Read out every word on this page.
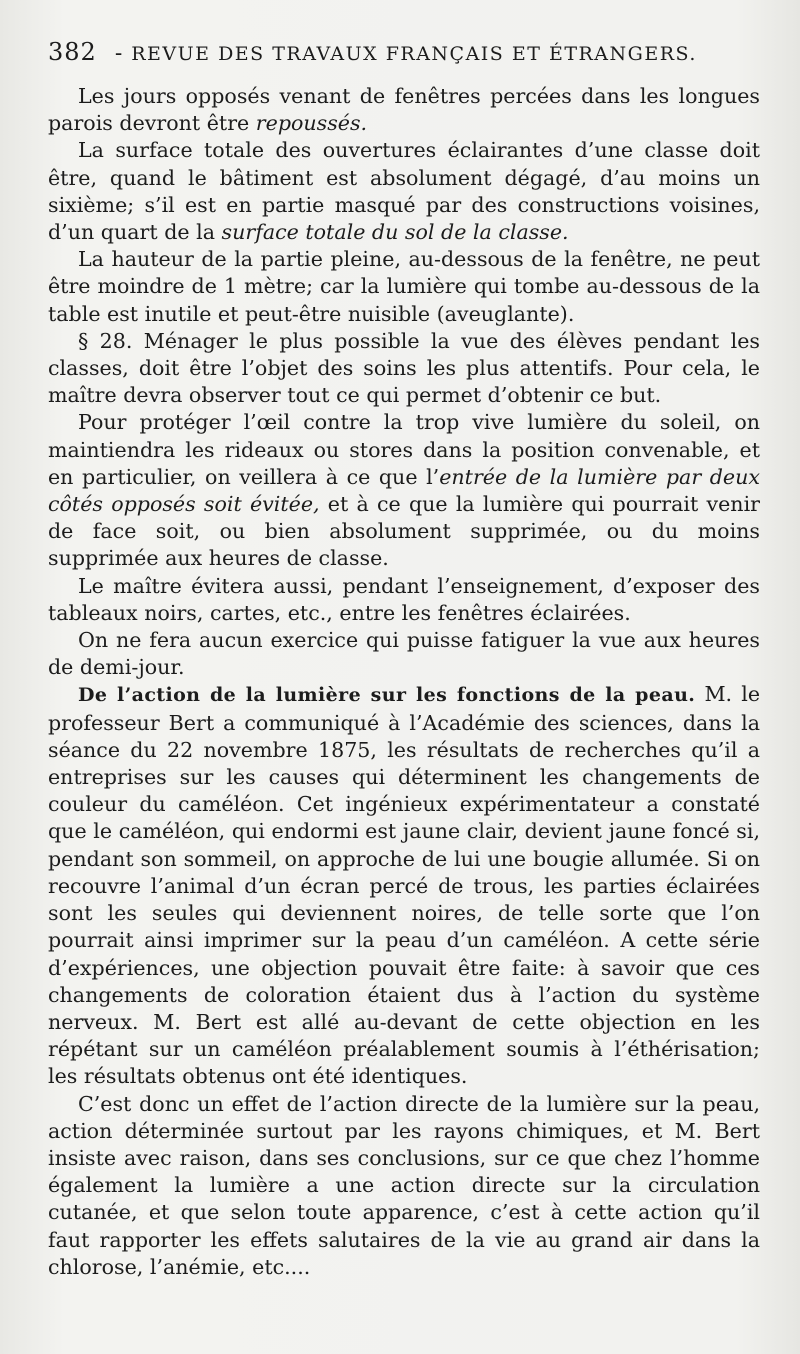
382 - REVUE DES TRAVAUX FRANÇAIS ET ÉTRANGERS.

Les jours opposés venant de fenêtres percées dans les longues parois devront être repoussés.

La surface totale des ouvertures éclairantes d’une classe doit être, quand le bâtiment est absolument dégagé, d’au moins un sixième; s’il est en partie masqué par des constructions voisines, d’un quart de la surface totale du sol de la classe.

La hauteur de la partie pleine, au-dessous de la fenêtre, ne peut être moindre de 1 mètre; car la lumière qui tombe au-dessous de la table est inutile et peut-être nuisible (aveuglante).

§ 28. Ménager le plus possible la vue des élèves pendant les classes, doit être l’objet des soins les plus attentifs. Pour cela, le maître devra observer tout ce qui permet d’obtenir ce but.

Pour protéger l’œil contre la trop vive lumière du soleil, on maintiendra les rideaux ou stores dans la position convenable, et en particulier, on veillera à ce que l’entrée de la lumière par deux côtés opposés soit évitée, et à ce que la lumière qui pourrait venir de face soit, ou bien absolument supprimée, ou du moins supprimée aux heures de classe.

Le maître évitera aussi, pendant l’enseignement, d’exposer des tableaux noirs, cartes, etc., entre les fenêtres éclairées.

On ne fera aucun exercice qui puisse fatiguer la vue aux heures de demi-jour.

De l’action de la lumière sur les fonctions de la peau. M. le professeur Bert a communiqué à l’Académie des sciences, dans la séance du 22 novembre 1875, les résultats de recherches qu’il a entreprises sur les causes qui déterminent les changements de couleur du caméléon. Cet ingénieux expérimentateur a constaté que le caméléon, qui endormi est jaune clair, devient jaune foncé si, pendant son sommeil, on approche de lui une bougie allumée. Si on recouvre l’animal d’un écran percé de trous, les parties éclairées sont les seules qui deviennent noires, de telle sorte que l’on pourrait ainsi imprimer sur la peau d’un caméléon. A cette série d’expériences, une objection pouvait être faite: à savoir que ces changements de coloration étaient dus à l’action du système nerveux. M. Bert est allé au-devant de cette objection en les répétant sur un caméléon préalablement soumis à l’éthérisation; les résultats obtenus ont été identiques.

C’est donc un effet de l’action directe de la lumière sur la peau, action déterminée surtout par les rayons chimiques, et M. Bert insiste avec raison, dans ses conclusions, sur ce que chez l’homme également la lumière a une action directe sur la circulation cutanée, et que selon toute apparence, c’est à cette action qu’il faut rapporter les effets salutaires de la vie au grand air dans la chlorose, l’anémie, etc....
